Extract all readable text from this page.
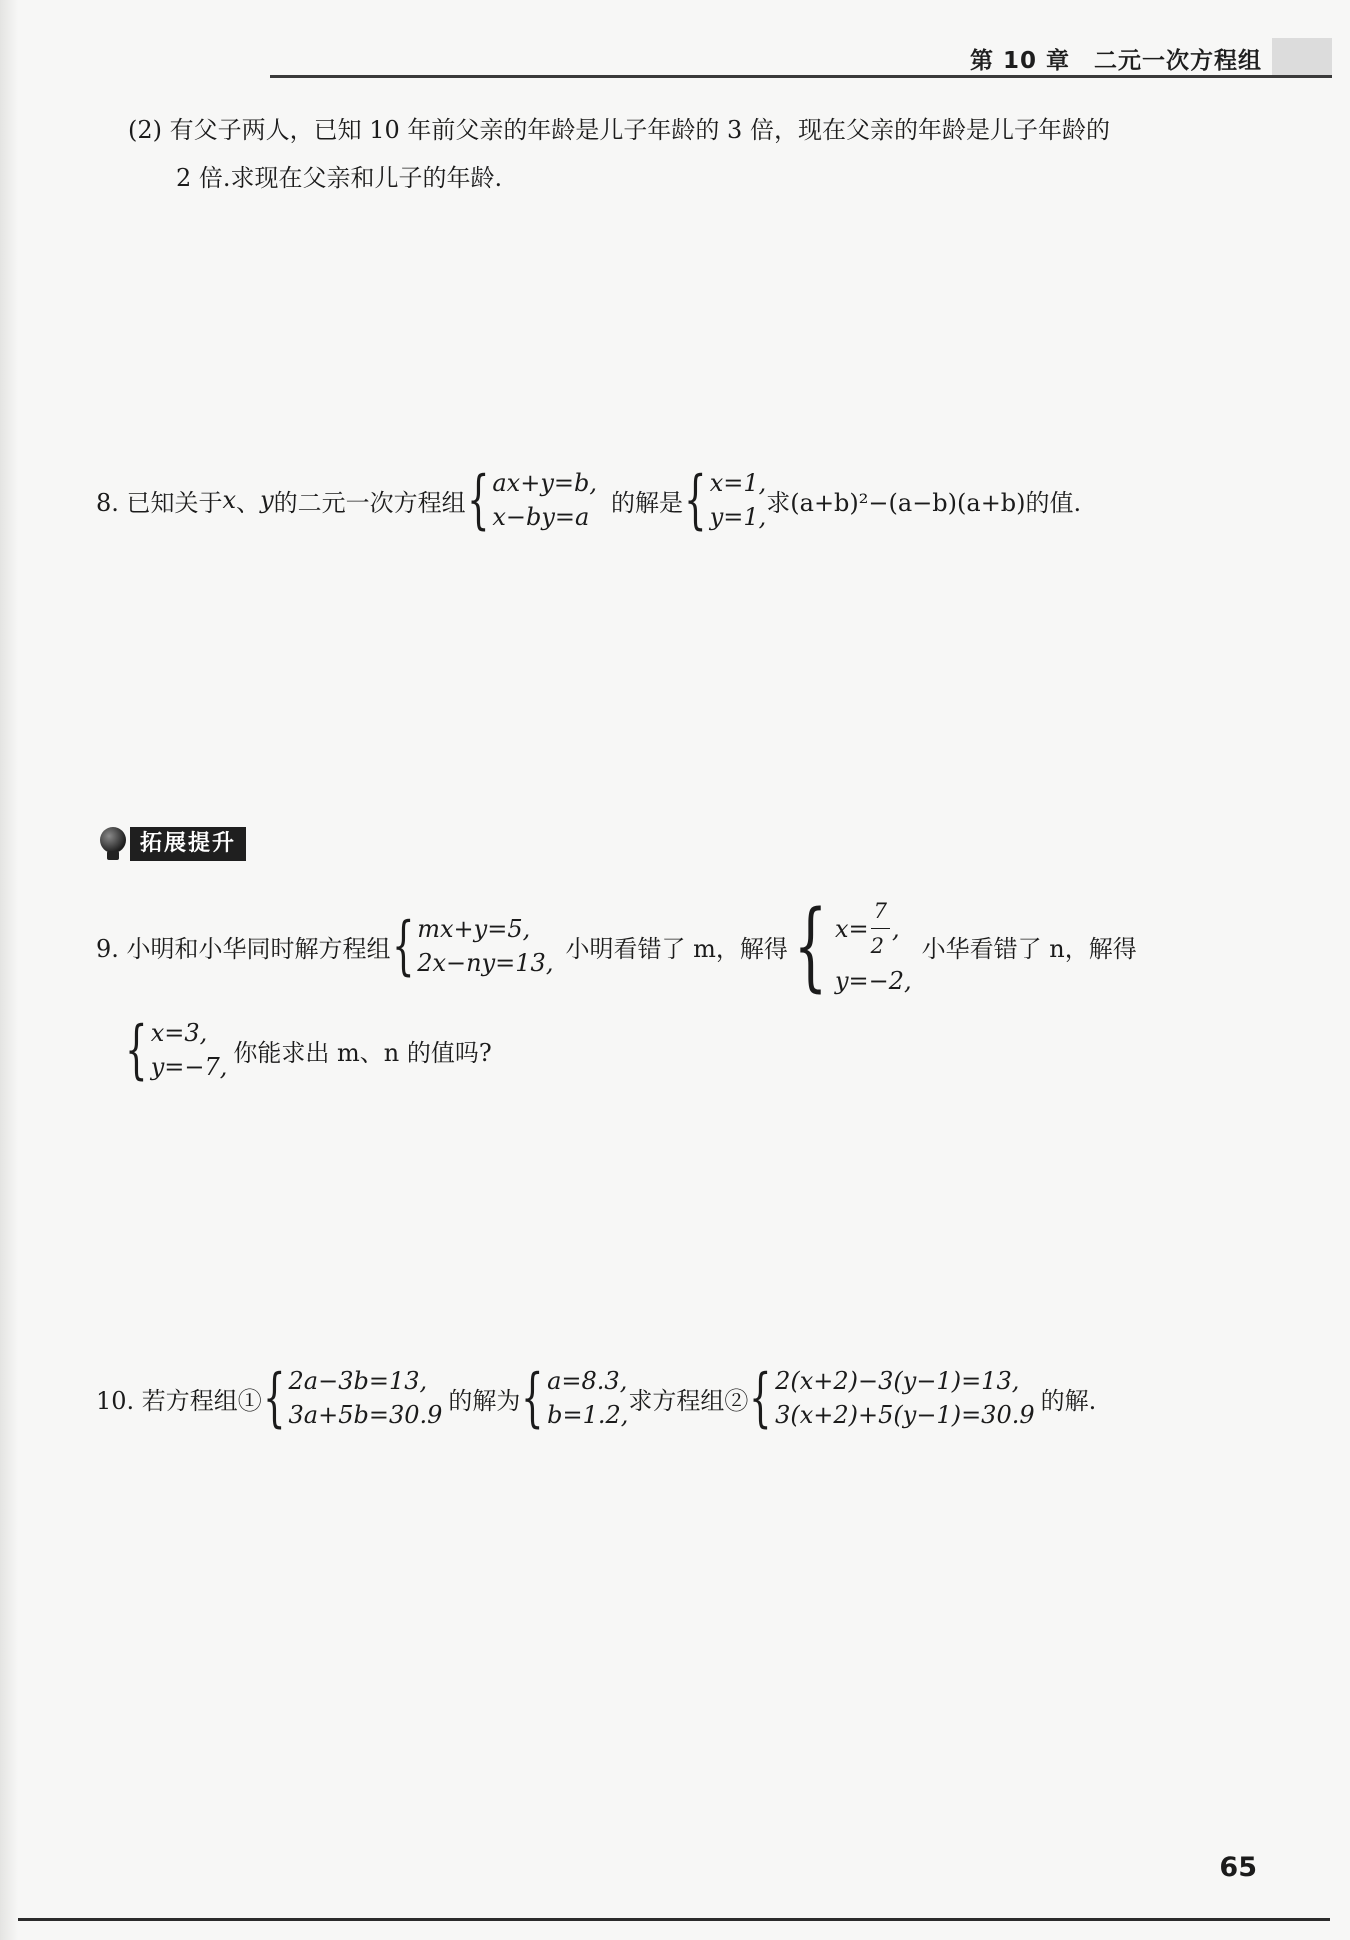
第 10 章　二元一次方程组
(2) 有父子两人，已知 10 年前父亲的年龄是儿子年龄的 3 倍，现在父亲的年龄是儿子年龄的
2 倍.求现在父亲和儿子的年龄.
8. 已知关于 x 、 y 的二元一次方程组 { ax+y=b,
x−by=a
的解是 { x=1,
y=1,
求(a+b)²−(a−b)(a+b)的值.
拓展提升
9. 小明和小华同时解方程组 { mx+y=5,
2x−ny=13,
小明看错了 m，解得 { $x= \frac{7}{2}$ ,
y=−2,
小华看错了 n，解得
{ x=3,
y=−7,
你能求出 m、n 的值吗?
10. 若方程组① { 2a−3b=13,
3a+5b=30.9
的解为 { a=8.3,
b=1.2,
求方程组② { 2(x+2)−3(y−1)=13,
3(x+2)+5(y−1)=30.9
的解.
65
